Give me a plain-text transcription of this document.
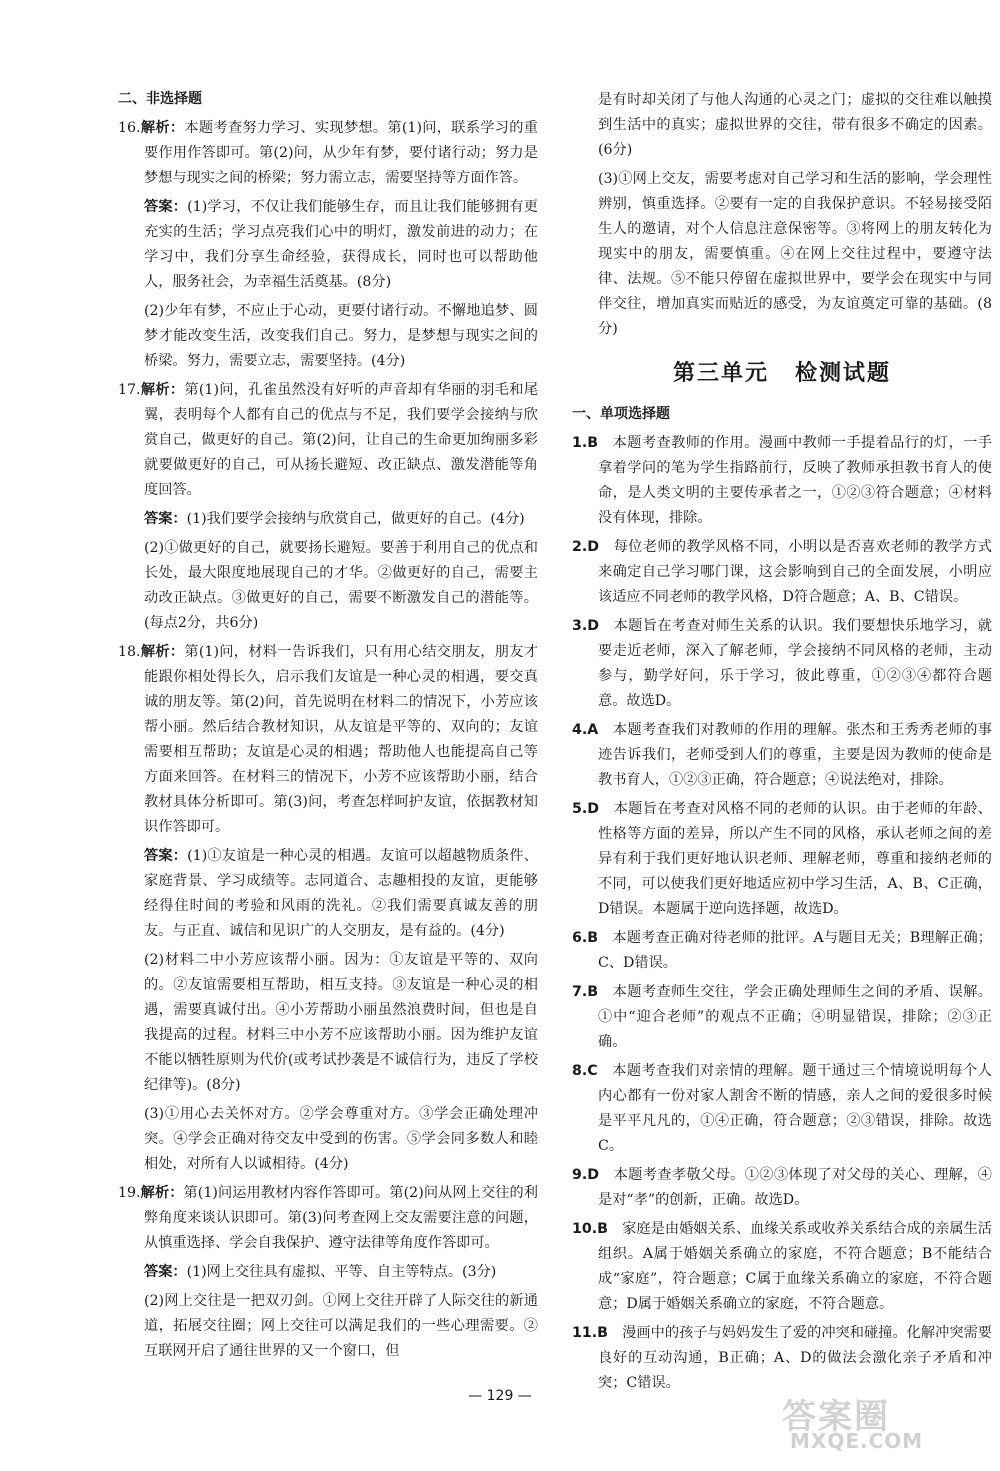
二、非选择题
16.解析：本题考查努力学习、实现梦想。第(1)问，联系学习的重要作用作答即可。第(2)问，从少年有梦，要付诸行动；努力是梦想与现实之间的桥梁；努力需立志，需要坚持等方面作答。
答案：(1)学习，不仅让我们能够生存，而且让我们能够拥有更充实的生活；学习点亮我们心中的明灯，激发前进的动力；在学习中，我们分享生命经验，获得成长，同时也可以帮助他人，服务社会，为幸福生活奠基。(8分)
(2)少年有梦，不应止于心动，更要付诸行动。不懈地追梦、圆梦才能改变生活，改变我们自己。努力，是梦想与现实之间的桥梁。努力，需要立志，需要坚持。(4分)
17.解析：第(1)问，孔雀虽然没有好听的声音却有华丽的羽毛和尾翼，表明每个人都有自己的优点与不足，我们要学会接纳与欣赏自己，做更好的自己。第(2)问，让自己的生命更加绚丽多彩就要做更好的自己，可从扬长避短、改正缺点、激发潜能等角度回答。
答案：(1)我们要学会接纳与欣赏自己，做更好的自己。(4分)
(2)①做更好的自己，就要扬长避短。要善于利用自己的优点和长处，最大限度地展现自己的才华。②做更好的自己，需要主动改正缺点。③做更好的自己，需要不断激发自己的潜能等。(每点2分，共6分)
18.解析：第(1)问，材料一告诉我们，只有用心结交朋友，朋友才能跟你相处得长久，启示我们友谊是一种心灵的相遇，要交真诚的朋友等。第(2)问，首先说明在材料二的情况下，小芳应该帮小丽。然后结合教材知识，从友谊是平等的、双向的；友谊需要相互帮助；友谊是心灵的相遇；帮助他人也能提高自己等方面来回答。在材料三的情况下，小芳不应该帮助小丽，结合教材具体分析即可。第(3)问，考查怎样呵护友谊，依据教材知识作答即可。
答案：(1)①友谊是一种心灵的相遇。友谊可以超越物质条件、家庭背景、学习成绩等。志同道合、志趣相投的友谊，更能够经得住时间的考验和风雨的洗礼。②我们需要真诚友善的朋友。与正直、诚信和见识广的人交朋友，是有益的。(4分)
(2)材料二中小芳应该帮小丽。因为：①友谊是平等的、双向的。②友谊需要相互帮助，相互支持。③友谊是一种心灵的相遇，需要真诚付出。④小芳帮助小丽虽然浪费时间，但也是自我提高的过程。材料三中小芳不应该帮助小丽。因为维护友谊不能以牺牲原则为代价(或考试抄袭是不诚信行为，违反了学校纪律等)。(8分)
(3)①用心去关怀对方。②学会尊重对方。③学会正确处理冲突。④学会正确对待交友中受到的伤害。⑤学会同多数人和睦相处，对所有人以诚相待。(4分)
19.解析：第(1)问运用教材内容作答即可。第(2)问从网上交往的利弊角度来谈认识即可。第(3)问考查网上交友需要注意的问题，从慎重选择、学会自我保护、遵守法律等角度作答即可。
答案：(1)网上交往具有虚拟、平等、自主等特点。(3分)
(2)网上交往是一把双刃剑。①网上交往开辟了人际交往的新通道，拓展交往圈；网上交往可以满足我们的一些心理需要。②互联网开启了通往世界的又一个窗口，但
是有时却关闭了与他人沟通的心灵之门；虚拟的交往难以触摸到生活中的真实；虚拟世界的交往，带有很多不确定的因素。(6分)
(3)①网上交友，需要考虑对自己学习和生活的影响，学会理性辨别，慎重选择。②要有一定的自我保护意识。不轻易接受陌生人的邀请，对个人信息注意保密等。③将网上的朋友转化为现实中的朋友，需要慎重。④在网上交往过程中，要遵守法律、法规。⑤不能只停留在虚拟世界中，要学会在现实中与同伴交往，增加真实而贴近的感受，为友谊奠定可靠的基础。(8分)
第三单元 检测试题
一、单项选择题
1.B  本题考查教师的作用。漫画中教师一手提着品行的灯，一手拿着学问的笔为学生指路前行，反映了教师承担教书育人的使命，是人类文明的主要传承者之一，①②③符合题意；④材料没有体现，排除。
2.D  每位老师的教学风格不同，小明以是否喜欢老师的教学方式来确定自己学习哪门课，这会影响到自己的全面发展，小明应该适应不同老师的教学风格，D符合题意；A、B、C错误。
3.D  本题旨在考查对师生关系的认识。我们要想快乐地学习，就要走近老师，深入了解老师，学会接纳不同风格的老师，主动参与，勤学好问，乐于学习，彼此尊重，①②③④都符合题意。故选D。
4.A  本题考查我们对教师的作用的理解。张杰和王秀秀老师的事迹告诉我们，老师受到人们的尊重，主要是因为教师的使命是教书育人，①②③正确，符合题意；④说法绝对，排除。
5.D  本题旨在考查对风格不同的老师的认识。由于老师的年龄、性格等方面的差异，所以产生不同的风格，承认老师之间的差异有利于我们更好地认识老师、理解老师，尊重和接纳老师的不同，可以使我们更好地适应初中学习生活，A、B、C正确，D错误。本题属于逆向选择题，故选D。
6.B  本题考查正确对待老师的批评。A与题目无关；B理解正确；C、D错误。
7.B  本题考查师生交往，学会正确处理师生之间的矛盾、误解。①中“迎合老师”的观点不正确；④明显错误，排除；②③正确。
8.C  本题考查我们对亲情的理解。题干通过三个情境说明每个人内心都有一份对家人割舍不断的情感，亲人之间的爱很多时候是平平凡凡的，①④正确，符合题意；②③错误，排除。故选C。
9.D  本题考查孝敬父母。①②③体现了对父母的关心、理解，④是对“孝”的创新，正确。故选D。
10.B  家庭是由婚姻关系、血缘关系或收养关系结合成的亲属生活组织。A属于婚姻关系确立的家庭，不符合题意；B不能结合成“家庭”，符合题意；C属于血缘关系确立的家庭，不符合题意；D属于婚姻关系确立的家庭，不符合题意。
11.B  漫画中的孩子与妈妈发生了爱的冲突和碰撞。化解冲突需要良好的互动沟通，B正确；A、D的做法会激化亲子矛盾和冲突；C错误。
— 129 —
答案圈
MXQE.COM
